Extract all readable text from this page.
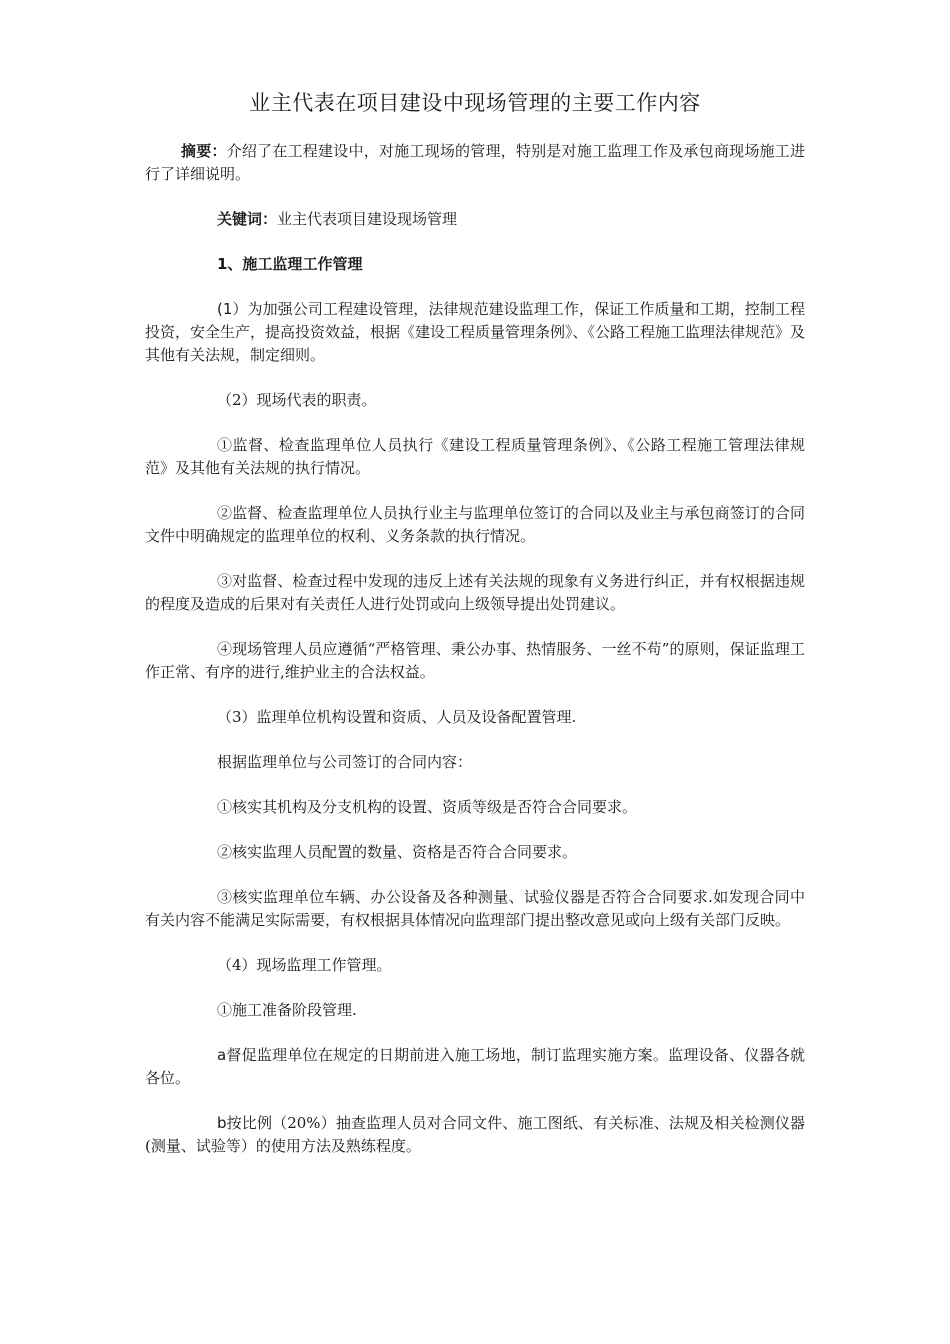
业主代表在项目建设中现场管理的主要工作内容

摘要：介绍了在工程建设中，对施工现场的管理，特别是对施工监理工作及承包商现场施工进行了详细说明。

关键词：业主代表项目建设现场管理

1、施工监理工作管理

(1）为加强公司工程建设管理，法律规范建设监理工作，保证工作质量和工期，控制工程投资，安全生产，提高投资效益，根据《建设工程质量管理条例》、《公路工程施工监理法律规范》及其他有关法规，制定细则。

（2）现场代表的职责。

①监督、检查监理单位人员执行《建设工程质量管理条例》、《公路工程施工管理法律规范》及其他有关法规的执行情况。

②监督、检查监理单位人员执行业主与监理单位签订的合同以及业主与承包商签订的合同文件中明确规定的监理单位的权利、义务条款的执行情况。

③对监督、检查过程中发现的违反上述有关法规的现象有义务进行纠正，并有权根据违规的程度及造成的后果对有关责任人进行处罚或向上级领导提出处罚建议。

④现场管理人员应遵循“严格管理、秉公办事、热情服务、一丝不苟”的原则，保证监理工作正常、有序的进行,维护业主的合法权益。

（3）监理单位机构设置和资质、人员及设备配置管理.

根据监理单位与公司签订的合同内容：

①核实其机构及分支机构的设置、资质等级是否符合合同要求。

②核实监理人员配置的数量、资格是否符合合同要求。

③核实监理单位车辆、办公设备及各种测量、试验仪器是否符合合同要求.如发现合同中有关内容不能满足实际需要，有权根据具体情况向监理部门提出整改意见或向上级有关部门反映。

（4）现场监理工作管理。

①施工准备阶段管理.

a督促监理单位在规定的日期前进入施工场地，制订监理实施方案。监理设备、仪器各就各位。

b按比例（20%）抽查监理人员对合同文件、施工图纸、有关标准、法规及相关检测仪器(测量、试验等）的使用方法及熟练程度。
